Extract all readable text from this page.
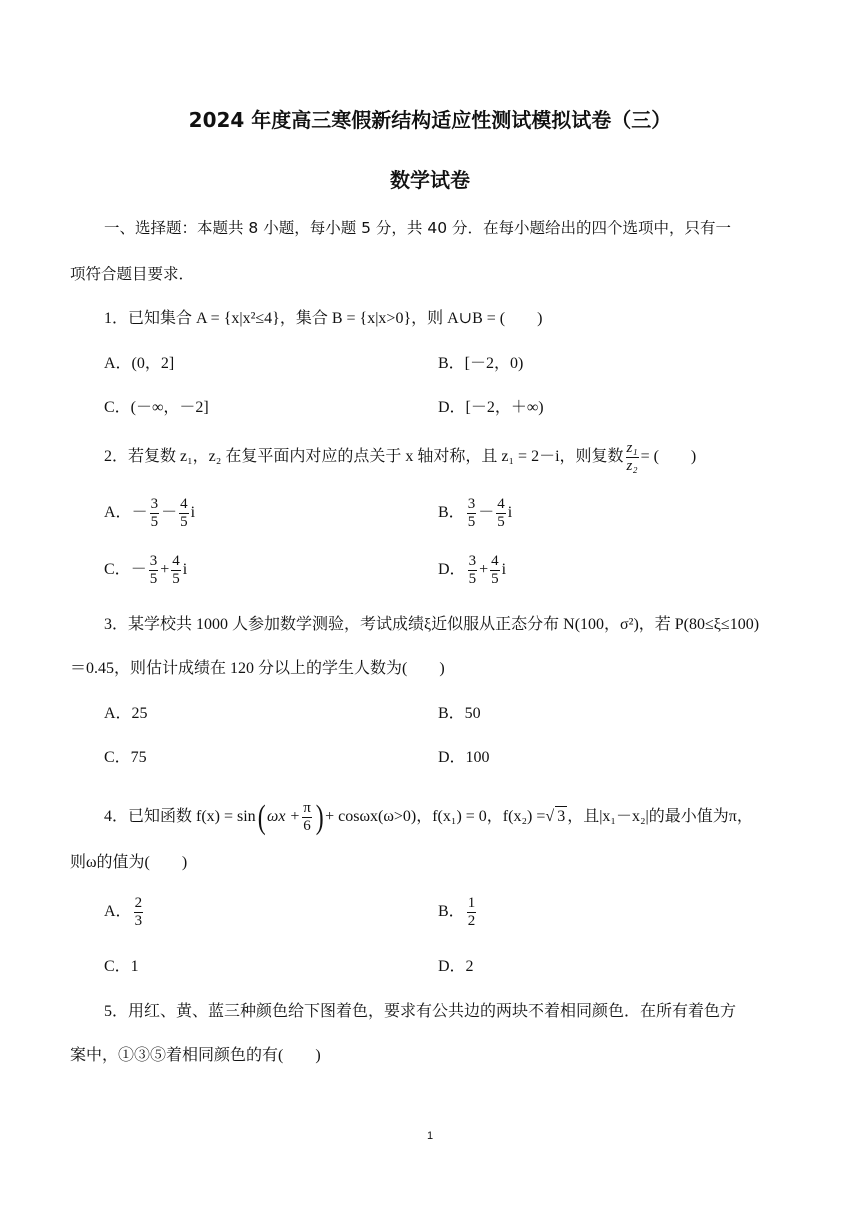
2024 年度高三寒假新结构适应性测试模拟试卷（三）
数学试卷
一、选择题：本题共 8 小题，每小题 5 分，共 40 分．在每小题给出的四个选项中，只有一
项符合题目要求．
1．已知集合 A = {x|x²≤4}，集合 B = {x|x>0}，则 A∪B = (　　)
A．(0，2]	B．[－2，0)
C．(－∞，－2]	D．[－2，＋∞)
2．若复数 z₁，z₂ 在复平面内对应的点关于 x 轴对称，且 z₁ = 2－i，则复数 $\frac{\text{z₁}}{\text{z₂}}$ = (　　)
A．－ $\frac{3}{5} - \frac{4}{5}$ i	B． $\frac{3}{5} - \frac{4}{5}$ i
C．－ $\frac{3}{5} + \frac{4}{5}$ i	D． $\frac{3}{5} + \frac{4}{5}$ i
3．某学校共 1000 人参加数学测验，考试成绩ξ近似服从正态分布 N(100，σ²)，若 P(80≤ξ≤100)
＝0.45，则估计成绩在 120 分以上的学生人数为(　　)
A．25	B．50
C．75	D．100
4．已知函数 f(x) = sin( $\omega x + \frac{\pi}{6}$ ) + cosωx(ω>0)，f(x₁) = 0，f(x₂) =√ 3 ，且|x₁－x₂|的最小值为π，
则ω的值为(　　)
A． $\frac{2}{3}$	B． $\frac{1}{2}$
C．1	D．2
5．用红、黄、蓝三种颜色给下图着色，要求有公共边的两块不着相同颜色．在所有着色方
案中，①③⑤着相同颜色的有(　　)
1
